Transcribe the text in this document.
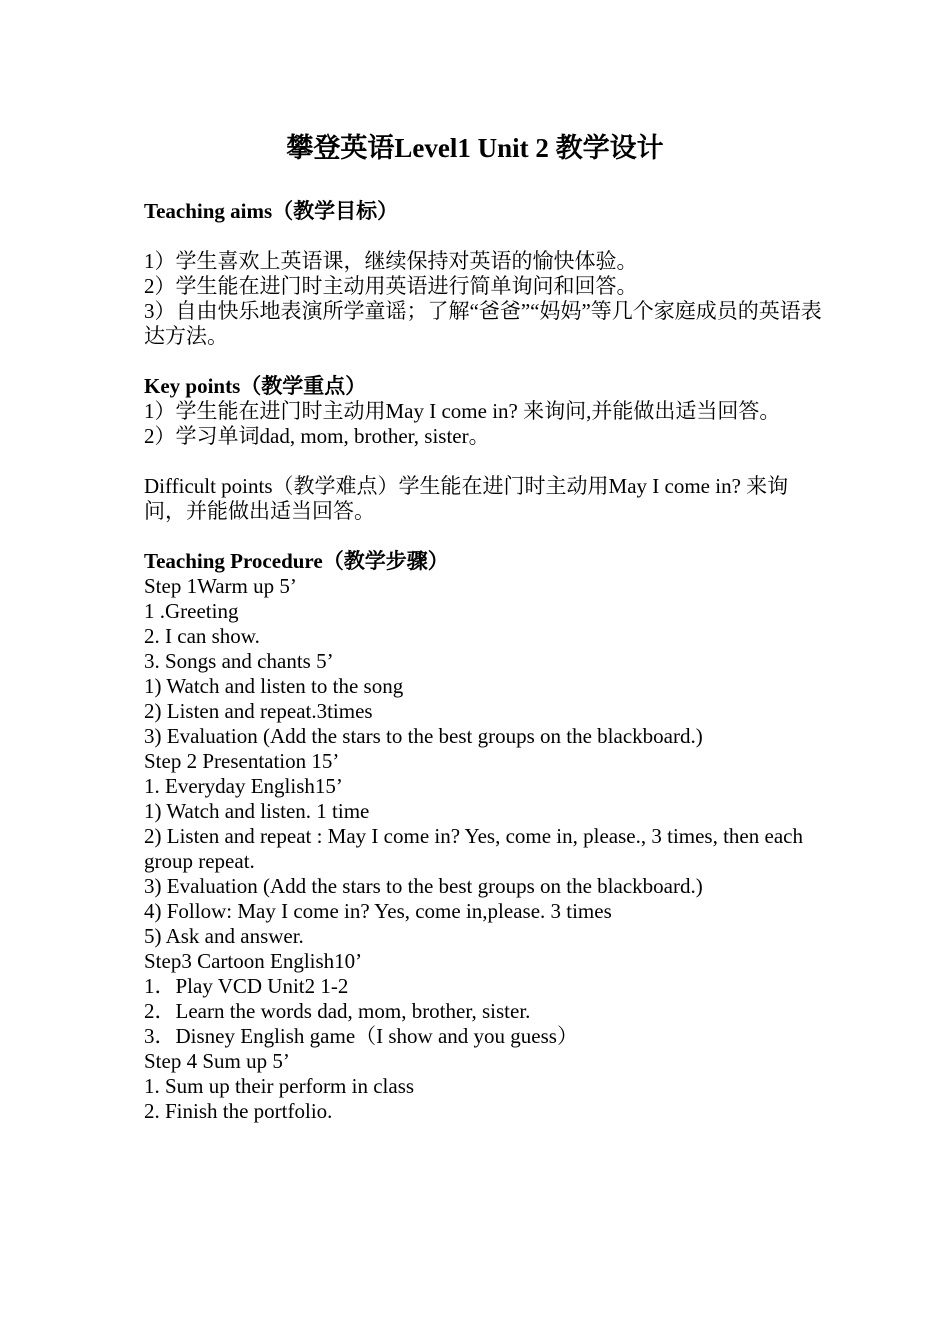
攀登英语Level1 Unit 2 教学设计

Teaching aims（教学目标）

1）学生喜欢上英语课，继续保持对英语的愉快体验。

2）学生能在进门时主动用英语进行简单询问和回答。

3）自由快乐地表演所学童谣；了解“爸爸”“妈妈”等几个家庭成员的英语表达方法。

Key points（教学重点）

1）学生能在进门时主动用May I come in? 来询问,并能做出适当回答。

2）学习单词dad, mom, brother, sister。

Difficult points（教学难点）学生能在进门时主动用May I come in? 来询问，并能做出适当回答。

Teaching Procedure（教学步骤）

Step 1Warm up 5’

1 .Greeting

2. I can show.

3. Songs and chants 5’

1) Watch and listen to the song

2) Listen and repeat.3times

3) Evaluation (Add the stars to the best groups on the blackboard.)

Step 2 Presentation 15’

1. Everyday English15’

1) Watch and listen. 1 time

2) Listen and repeat : May I come in? Yes, come in, please., 3 times, then each group repeat.

3) Evaluation (Add the stars to the best groups on the blackboard.)

4) Follow: May I come in? Yes, come in,please. 3 times

5) Ask and answer.

Step3 Cartoon English10’

1．Play VCD Unit2 1-2

2．Learn the words dad, mom, brother, sister.

3．Disney English game（I show and you guess）

Step 4 Sum up 5’

1. Sum up their perform in class

2. Finish the portfolio.
